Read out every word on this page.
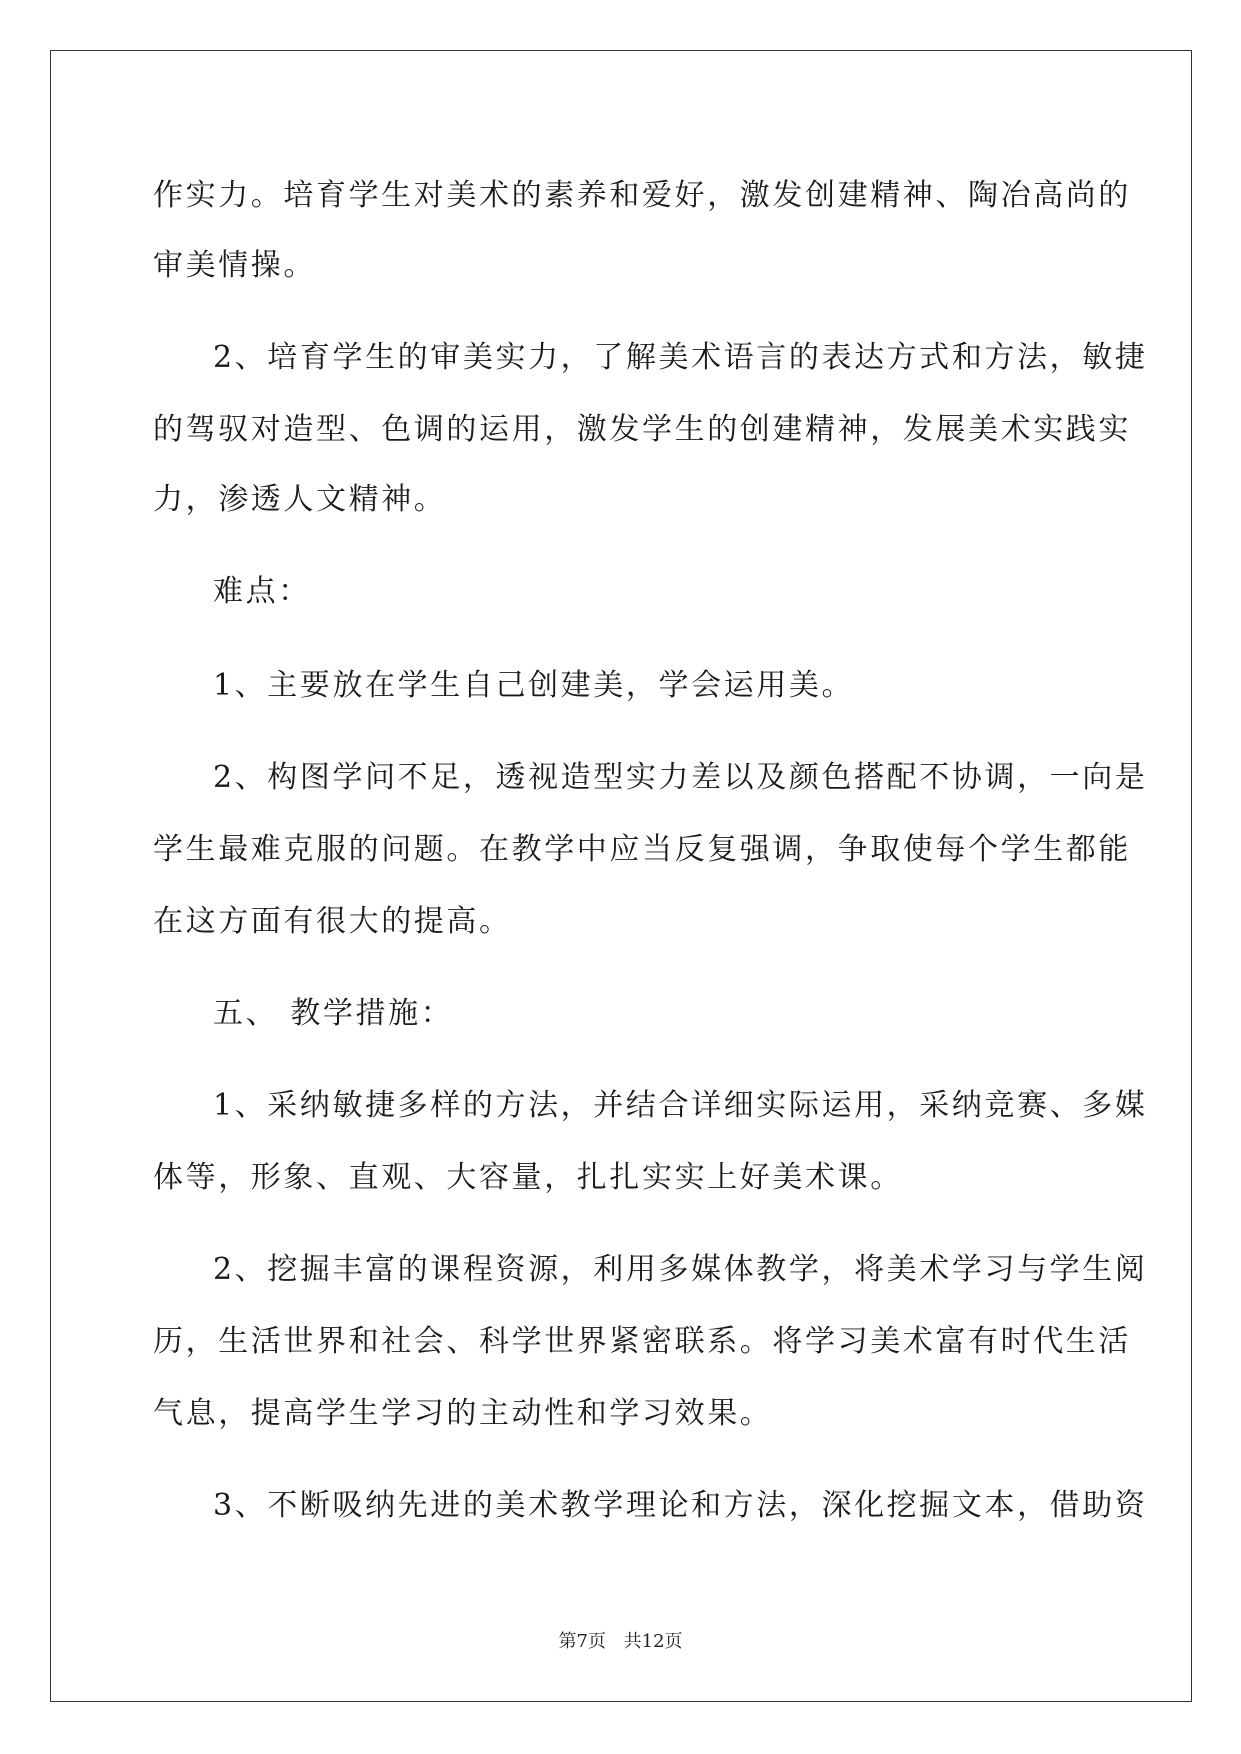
作实力。培育学生对美术的素养和爱好，激发创建精神、陶冶高尚的
审美情操。
2、培育学生的审美实力，了解美术语言的表达方式和方法，敏捷
的驾驭对造型、色调的运用，激发学生的创建精神，发展美术实践实
力，渗透人文精神。
难点：
1、主要放在学生自己创建美，学会运用美。
2、构图学问不足，透视造型实力差以及颜色搭配不协调，一向是
学生最难克服的问题。在教学中应当反复强调，争取使每个学生都能
在这方面有很大的提高。
五、 教学措施：
1、采纳敏捷多样的方法，并结合详细实际运用，采纳竞赛、多媒
体等，形象、直观、大容量，扎扎实实上好美术课。
2、挖掘丰富的课程资源，利用多媒体教学，将美术学习与学生阅
历，生活世界和社会、科学世界紧密联系。将学习美术富有时代生活
气息，提高学生学习的主动性和学习效果。
3、不断吸纳先进的美术教学理论和方法，深化挖掘文本，借助资
第7页 共12页
